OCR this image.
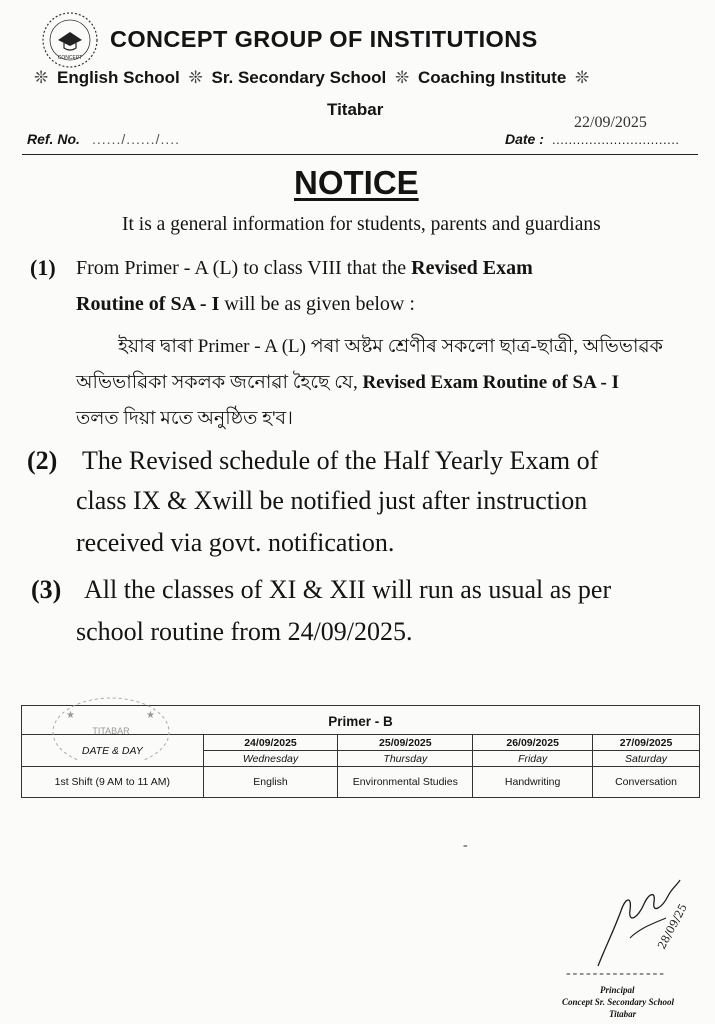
CONCEPT
CONCEPT GROUP OF INSTITUTIONS
❊ English School ❊ Sr. Secondary School ❊ Coaching Institute ❊
Titabar
Ref. No. ....../....../....
22/09/2025
Date : ...............................
NOTICE
It is a general information for students, parents and guardians
(1) From Primer - A (L) to class VIII that the Revised Exam
Routine of SA - I will be as given below :
ইয়াৰ দ্বাৰা Primer - A (L) পৰা অষ্টম শ্ৰেণীৰ সকলো ছাত্ৰ-ছাত্ৰী, অভিভাৱক
অভিভাৱিকা সকলক জনোৱা হৈছে যে, Revised Exam Routine of SA - I
তলত দিয়া মতে অনুষ্ঠিত হ'ব।
(2) The Revised schedule of the Half Yearly Exam of
class IX & Xwill be notified just after instruction
received via govt. notification.
(3) All the classes of XI & XII will run as usual as per
school routine from 24/09/2025.
Primer - B				
DATE & DAY	24/09/2025	25/09/2025	26/09/2025	27/09/2025
	Wednesday	Thursday	Friday	Saturday
1st Shift (9 AM to 11 AM)	English	Environmental Studies	Handwriting	Conversation
★	★
TITABAR
-
28/09/25
---------------
Principal
Concept Sr. Secondary School
Titabar
